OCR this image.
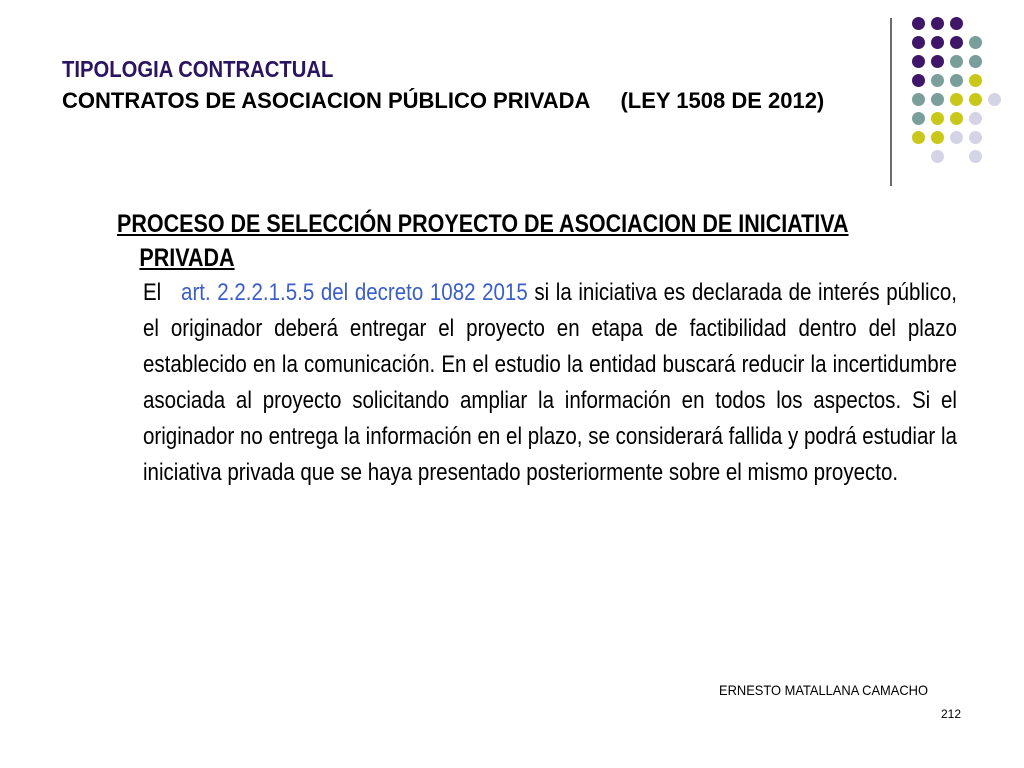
TIPOLOGIA CONTRACTUAL
CONTRATOS DE ASOCIACION PÚBLICO PRIVADA (LEY 1508 DE 2012)
PROCESO DE SELECCIÓN PROYECTO DE ASOCIACION DE INICIATIVA
PRIVADA
El art. 2.2.2.1.5.5 del decreto 1082 2015 si la iniciativa es declarada de interés público, el originador deberá entregar el proyecto en etapa de factibilidad dentro del plazo establecido en la comunicación. En el estudio la entidad buscará reducir la incertidumbre asociada al proyecto solicitando ampliar la información en todos los aspectos. Si el originador no entrega la información en el plazo, se considerará fallida y podrá estudiar la iniciativa privada que se haya presentado posteriormente sobre el mismo proyecto.
ERNESTO MATALLANA CAMACHO
212
